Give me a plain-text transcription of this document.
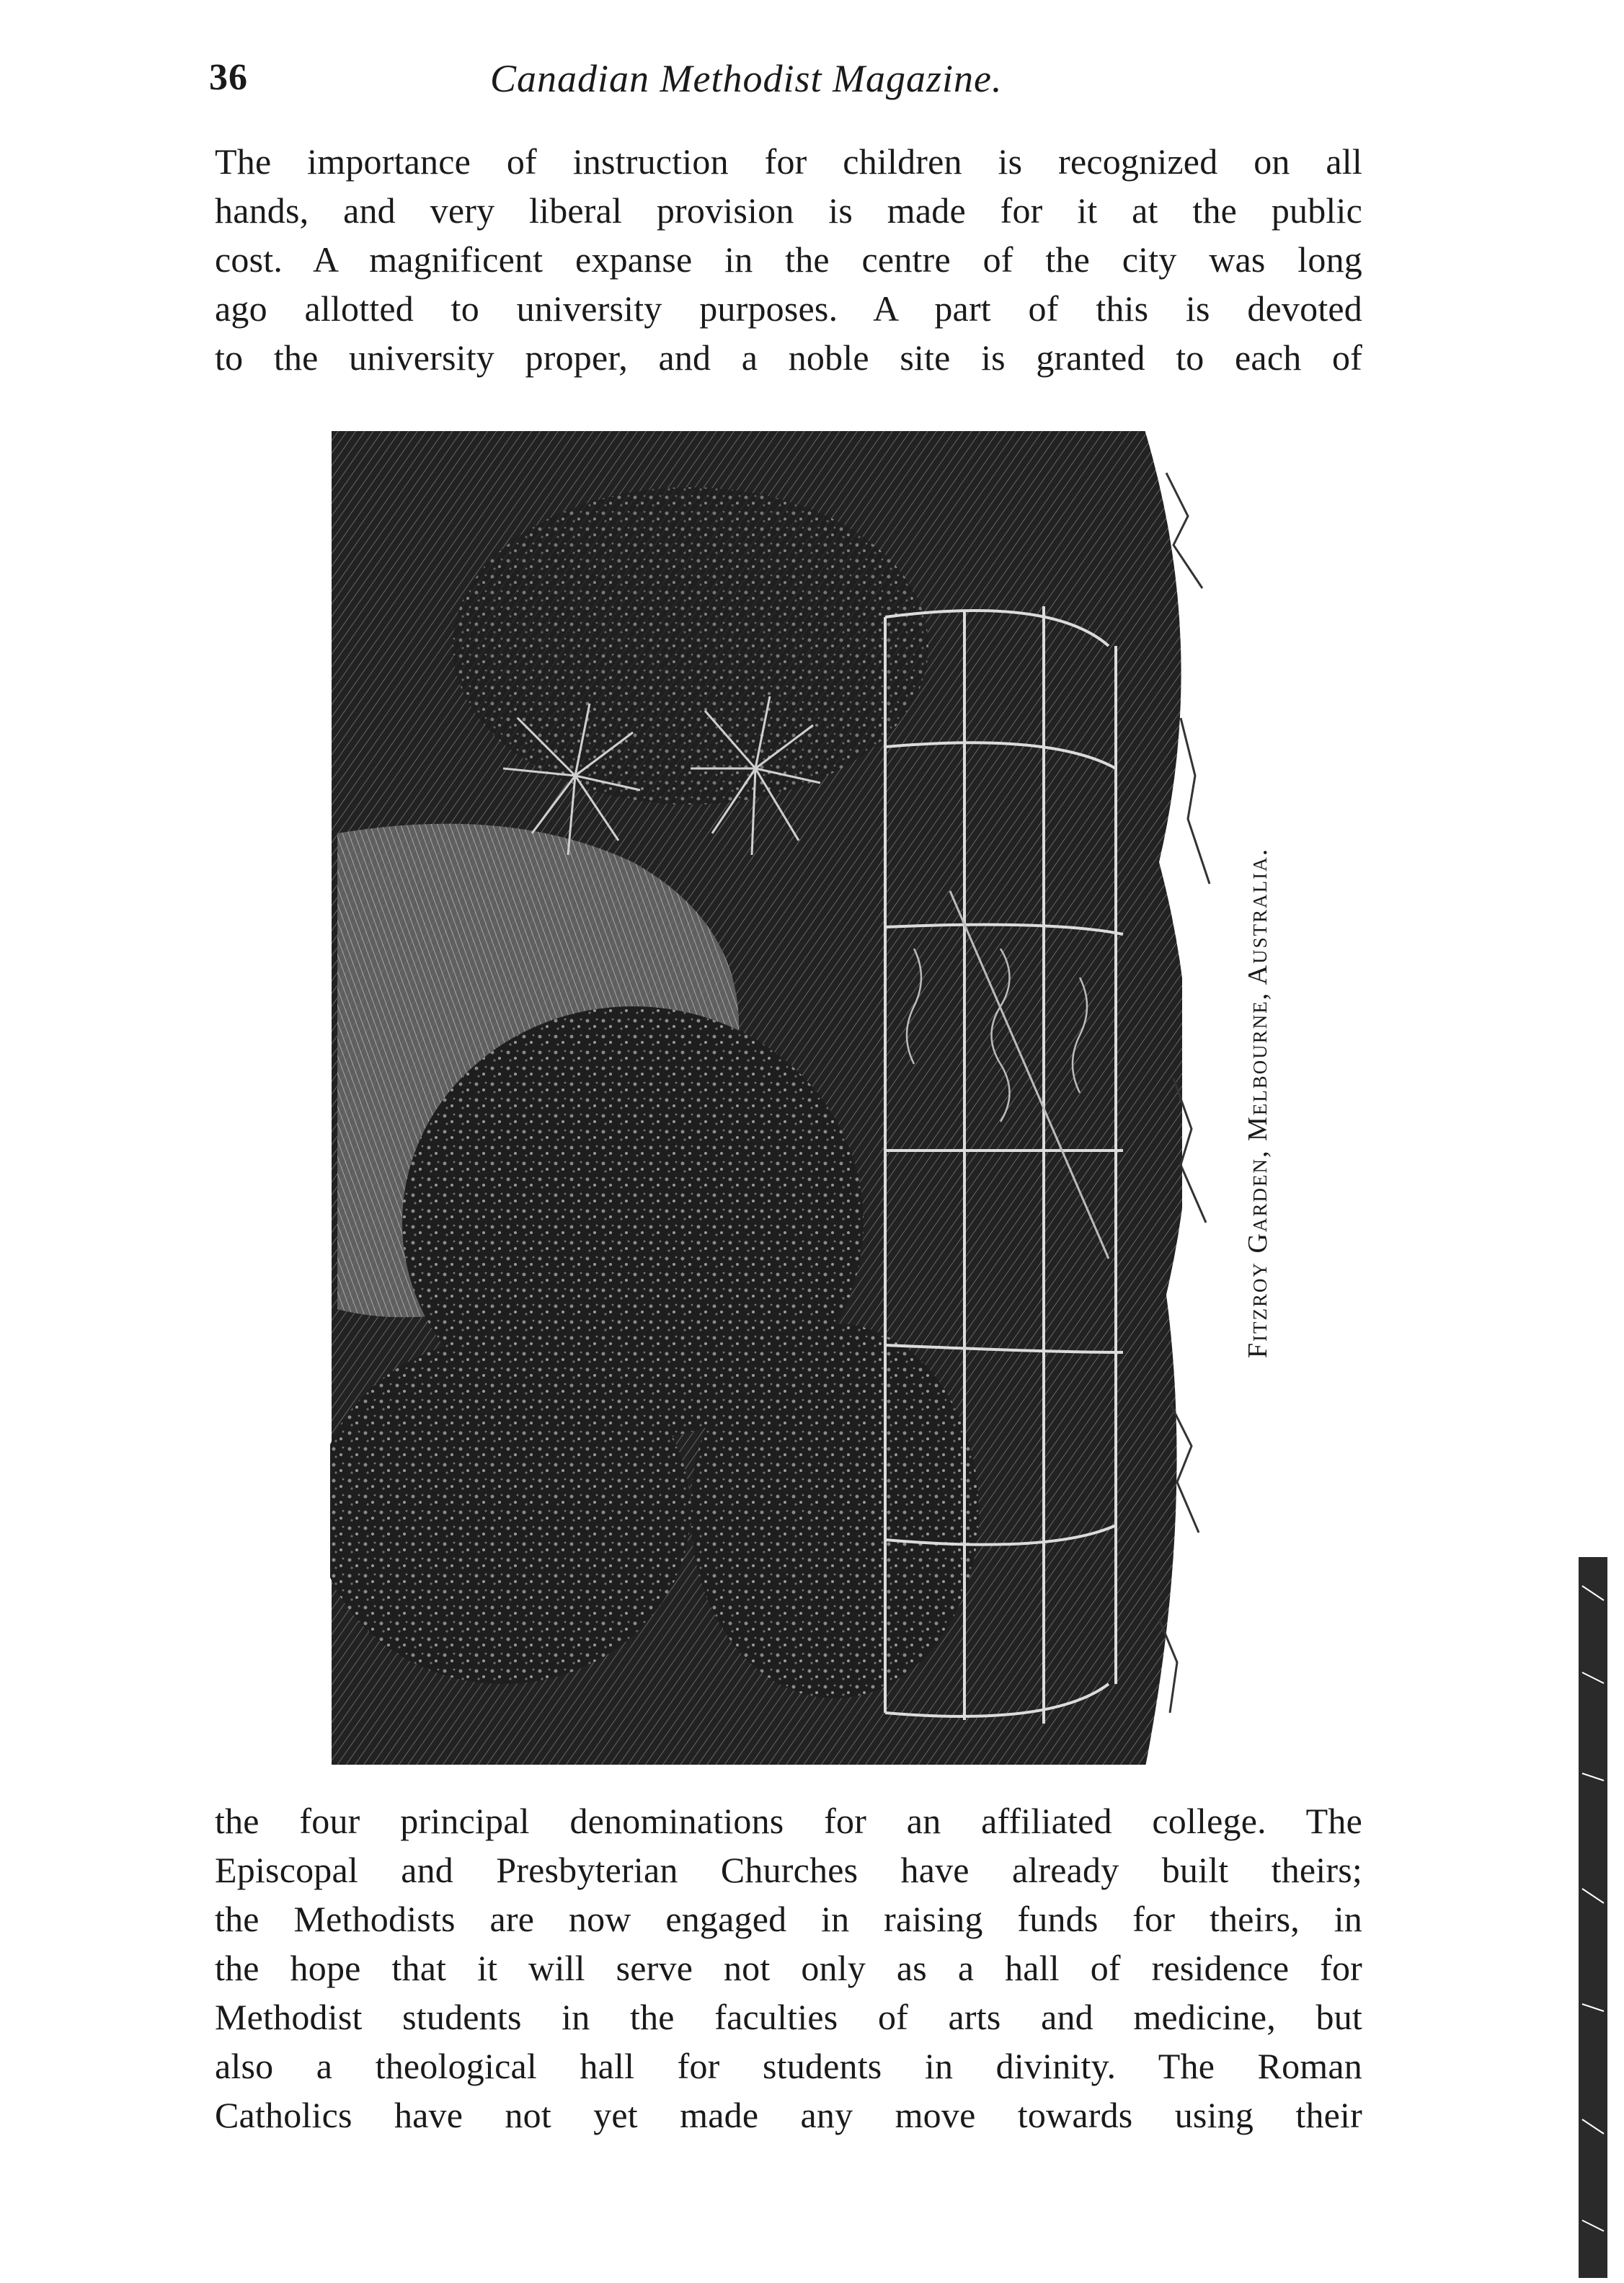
36	Canadian Methodist Magazine.
The importance of instruction for children is recognized on all
hands, and very liberal provision is made for it at the public
cost. A magnificent expanse in the centre of the city was long
ago allotted to university purposes. A part of this is devoted
to the university proper, and a noble site is granted to each of
Fitzroy Garden, Melbourne, Australia.
the four principal denominations for an affiliated college. The
Episcopal and Presbyterian Churches have already built theirs;
the Methodists are now engaged in raising funds for theirs, in
the hope that it will serve not only as a hall of residence for
Methodist students in the faculties of arts and medicine, but
also a theological hall for students in divinity. The Roman
Catholics have not yet made any move towards using their
